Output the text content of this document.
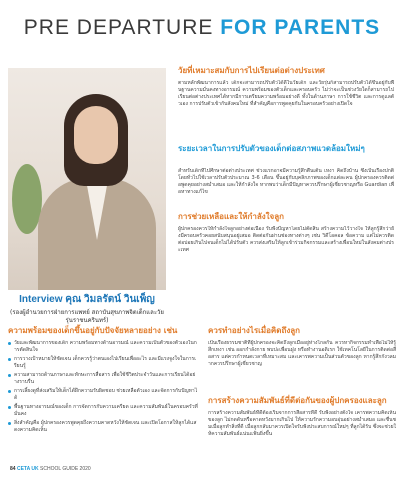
PRE DEPARTURE FOR PARENTS
Interview คุณ วิมลรัตน์ วินเพ็ญ
(รองผู้อำนวยการฝ่ายการแพทย์ สถาบันสุขภาพจิตเด็กและวัยรุ่นราชนครินทร์)
วัยที่เหมาะสมกับการไปเรียนต่อต่างประเทศ
ตามหลักพัฒนาการแล้ว เด็กจะสามารถปรับตัวได้ดีในวัยเด็ก และวัยรุ่นก็สามารถปรับตัวได้ขึ้นอยู่กับพื้นฐานความมั่นคงทางอารมณ์ ความพร้อมของตัวเด็กและครอบครัว ไม่ว่าจะเป็นช่วงวัยใดก็สามารถไปเรียนต่อต่างประเทศได้หากมีการเตรียมความพร้อมอย่างดี ทั้งในด้านภาษา การใช้ชีวิต และการดูแลตัวเอง การปรับตัวเข้ากับสังคมใหม่ ที่สำคัญคือการพูดคุยกันในครอบครัวอย่างเปิดใจ
ระยะเวลาในการปรับตัวของเด็กต่อสภาพแวดล้อมใหม่ๆ
สำหรับเด็กที่ไปศึกษาต่อต่างประเทศ ช่วงแรกอาจมีความรู้สึกตื่นเต้น เหงา คิดถึงบ้าน ซึ่งเป็นเรื่องปกติ โดยทั่วไปใช้เวลาปรับตัวประมาณ 3-6 เดือน ขึ้นอยู่กับบุคลิกภาพของเด็กแต่ละคน ผู้ปกครองควรติดต่อพูดคุยอย่างสม่ำเสมอ และให้กำลังใจ หากพบว่าเด็กมีปัญหาควรปรึกษาผู้เชี่ยวชาญหรือ Guardian เพื่อหาทางแก้ไข
การช่วยเหลือและให้กำลังใจลูก
ผู้ปกครองควรให้กำลังใจลูกอย่างต่อเนื่อง รับฟังปัญหาโดยไม่ตัดสิน สร้างความไว้วางใจ ให้ลูกรู้สึกว่ายังมีครอบครัวคอยสนับสนุนอยู่เสมอ ติดต่อกันผ่านช่องทางต่างๆ เช่น วิดีโอคอล ข้อความ แต่ไม่ควรติดต่อบ่อยเกินไปจนเด็กไม่ได้ปรับตัว ควรส่งเสริมให้ลูกเข้าร่วมกิจกรรมและสร้างเพื่อนใหม่ในสังคมต่างประเทศ
ความพร้อมของเด็กขึ้นอยู่กับปัจจัยหลายอย่าง เช่น
วัยและพัฒนาการของเด็ก ความพร้อมทางด้านอารมณ์ และความเป็นตัวของตัวเองในการตัดสินใจ
การวางเป้าหมายให้ชัดเจน เด็กควรรู้ว่าตนเองไปเรียนเพื่ออะไร และมีแรงจูงใจในการเรียนรู้
ความสามารถด้านภาษาและทักษะการสื่อสาร เพื่อใช้ชีวิตประจำวันและการเรียนได้อย่างราบรื่น
การเลี้ยงดูที่ส่งเสริมให้เด็กได้ฝึกความรับผิดชอบ ช่วยเหลือตัวเอง และจัดการกับปัญหาได้
พื้นฐานทางอารมณ์ของเด็ก การจัดการกับความเครียด และความสัมพันธ์ในครอบครัวที่มั่นคง
สิ่งสำคัญคือ ผู้ปกครองควรพูดคุยถึงความคาดหวังให้ชัดเจน และเปิดโอกาสให้ลูกได้แสดงความคิดเห็น
ควรทำอย่างไรเมื่อคิดถึงลูก
เป็นเรื่องธรรมชาติที่ผู้ปกครองจะคิดถึงลูกเมื่ออยู่ห่างไกลกัน ควรหากิจกรรมทำเพื่อไม่ให้รู้สึกเหงา เช่น ออกกำลังกาย พบปะเพื่อนฝูง หรือทำงานอดิเรก ใช้เทคโนโลยีในการติดต่อสื่อสาร แต่ควรกำหนดเวลาที่เหมาะสม และเคารพความเป็นส่วนตัวของลูก หากรู้สึกกังวลมากควรปรึกษาผู้เชี่ยวชาญ
การสร้างความสัมพันธ์ที่ดีต่อกันของผู้ปกครองและลูก
การสร้างความสัมพันธ์ที่ดีต้องเริ่มจากการสื่อสารที่ดี รับฟังอย่างตั้งใจ เคารพความคิดเห็นของลูก ไม่กดดันหรือคาดหวังมากเกินไป ให้ความรักความอบอุ่นอย่างสม่ำเสมอ และชื่นชมเมื่อลูกทำสิ่งที่ดี เมื่อลูกกลับมาควรเปิดใจรับฟังประสบการณ์ใหม่ๆ ที่ลูกได้รับ ซึ่งจะช่วยให้ความสัมพันธ์แน่นแฟ้นยิ่งขึ้น
84 CETA UK SCHOOL GUIDE 2020
